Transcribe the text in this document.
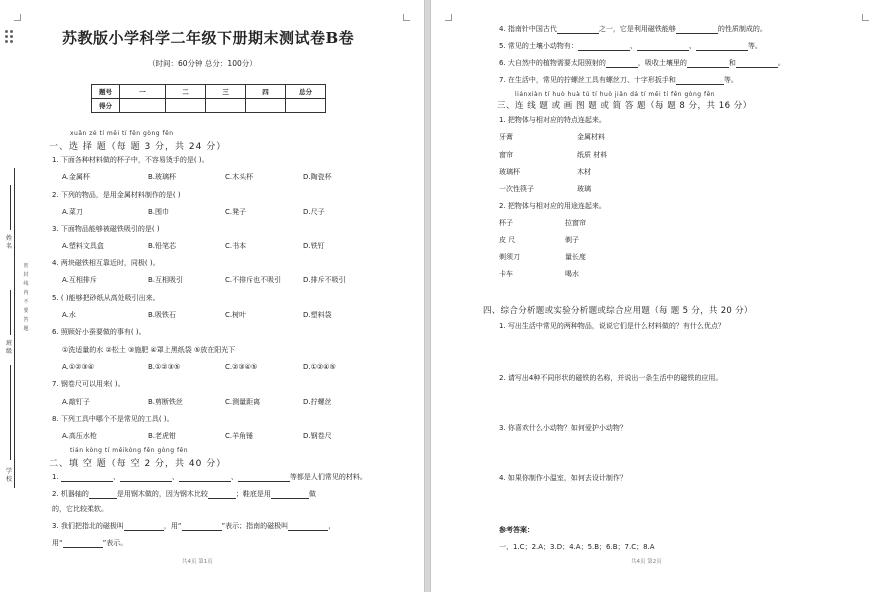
姓名
密封线内不要答题
班级
学校
苏教版小学科学二年级下册期末测试卷B卷
（时间：60分钟 总分：100分）
题号	一	二	三	四	总分
得分					
xuǎn zé tí měi tí fēn gòng fēn
一、选 择 题（每 题 3 分，共 24 分）
1. 下面各种材料做的杯子中，不容易烫手的是( )。
A.金属杯	B.玻璃杯	C.木头杯	D.陶瓷杯
2. 下列的物品，是用金属材料制作的是( )
A.菜刀	B.围巾	C.凳子	D.尺子
3. 下面物品能够被磁铁吸引的是( )
A.塑料文具盒	B.铅笔芯	C.书本	D.铁钉
4. 两块磁铁相互靠近时，同极( )。
A.互相排斥	B.互相吸引	C.不排斥也不吸引	D.排斥不吸引
5. ( )能够把砂纸从高处吸引出来。
A.水	B.吸铁石	C.树叶	D.塑料袋
6. 照顾好小蚕要做的事有( )。
①洗适量的水 ②松土 ③施肥 ④罩上黑纸袋 ⑤放在阳光下
A.①②③④	B.①②③⑤	C.②③④⑤	D.①②④⑤
7. 钢卷尺可以用来( )。
A.敲钉子	B.剪断铁丝	C.测量距离	D.拧螺丝
8. 下列工具中哪个不是常见的工具( )。
A.高压水枪	B.老虎钳	C.羊角锤	D.钢卷尺
tián kòng tí měikòng fēn gòng fēn
二、填 空 题（每 空 2 分，共 40 分）
1.	、	、	、	等都是人们常见的材料。
2. 机器轴的	是用钢木做的，因为钢木比较	；鞋底是用	做
的，它比较柔软。
3. 我们把指北的磁极叫	，用“	”表示；指南的磁极叫	，
用“	”表示。
共4页 第1页
4. 指南针中国古代	之一，它是利用磁铁能够	的性质制成的。
5. 常见的土壤小动物有：	、	、	等。
6. 大自然中的植物需要太阳照射的	，吸收土壤里的	和	。
7. 在生活中，常见的拧螺丝工具有螺丝刀、十字形扳手和	等。
liánxiàn tí huò huà tú tí huò jiǎn dá tí měi tí fēn gòng fēn
三、连 线 题 或 画 图 题 或 简 答 题（每 题 8 分，共 16 分）
1. 把物体与相对应的特点连起来。
牙膏	金属材料
窗帘	纸质 材料
玻璃杯	木材
一次性筷子	玻璃
2. 把物体与相对应的用途连起来。
杯子	拉窗帘
皮 尺	剃子
剃须刀	量长度
卡车	喝水
四、综合分析题或实验分析题或综合应用题（每 题 5 分，共 20 分）
1. 写出生活中常见的两种物品，说说它们是什么材料做的？有什么优点？
2. 请写出4种不同形状的磁铁的名称，并说出一条生活中的磁铁的应用。
3. 你喜欢什么小动物？如何爱护小动物？
4. 如果你制作小温室，如何去设计制作？
参考答案：
一、1.C；2.A；3.D；4.A；5.B；6.B；7.C；8.A
共4页 第2页
